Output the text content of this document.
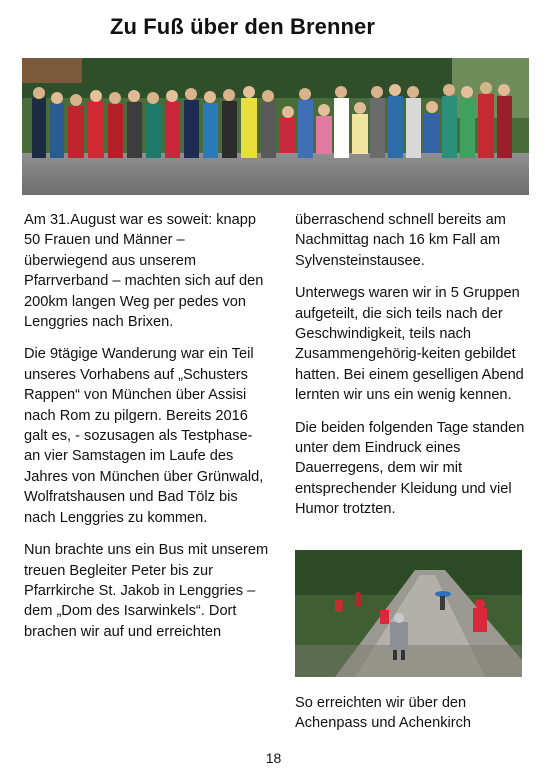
Zu Fuß über den Brenner

Am 31.August war es soweit: knapp 50 Frauen und Männer – überwiegend aus unserem Pfarrverband – machten sich auf den 200km langen Weg per pedes von Lenggries nach Brixen.

Die 9tägige Wanderung war ein Teil unseres Vorhabens auf „Schusters Rappen“ von München über Assisi nach Rom zu pilgern. Bereits 2016 galt es, - sozusagen als Testphase- an vier Samstagen im Laufe des Jahres von München über Grünwald, Wolfratshausen und Bad Tölz bis nach Lenggries zu kommen.

Nun brachte uns ein Bus mit unserem treuen Begleiter Peter bis zur Pfarrkirche St. Jakob in Lenggries – dem „Dom des Isarwinkels“. Dort brachen wir auf und erreichten

überraschend schnell bereits am Nachmittag nach 16 km Fall am Sylvensteinstausee.

Unterwegs waren wir in 5 Gruppen aufgeteilt, die sich teils nach der Geschwindigkeit, teils nach Zusammengehörig-keiten gebildet hatten. Bei einem geselligen Abend lernten wir uns ein wenig kennen.

Die beiden folgenden Tage standen unter dem Eindruck eines Dauerregens, dem wir mit entsprechender Kleidung und viel Humor trotzten.

So erreichten wir über den Achenpass und Achenkirch

18
